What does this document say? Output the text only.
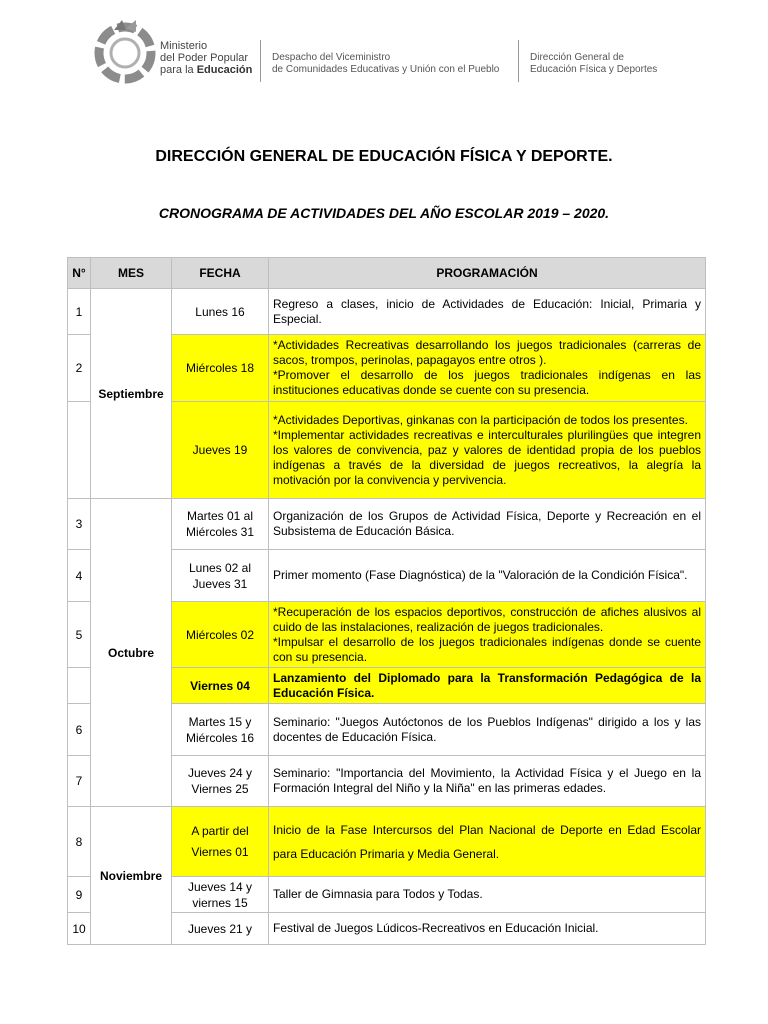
Ministerio
del Poder Popular
para la Educación
Despacho del Viceministro
de Comunidades Educativas y Unión con el Pueblo
Dirección General de
Educación Física y Deportes
DIRECCIÓN GENERAL DE EDUCACIÓN FÍSICA Y DEPORTE.
CRONOGRAMA DE ACTIVIDADES DEL AÑO ESCOLAR 2019 – 2020.
N°	MES	FECHA	PROGRAMACIÓN
1	Septiembre	Lunes 16	Regreso a clases, inicio de Actividades de Educación: Inicial, Primaria y Especial.
2		Miércoles 18	*Actividades Recreativas desarrollando los juegos tradicionales (carreras de sacos, trompos, perinolas, papagayos entre otros ).
*Promover el desarrollo de los juegos tradicionales indígenas en las instituciones educativas donde se cuente con su presencia.
		Jueves 19	*Actividades Deportivas, ginkanas con la participación de todos los presentes.
*Implementar actividades recreativas e interculturales plurilingües que integren los valores de convivencia, paz y valores de identidad propia de los pueblos indígenas a través de la diversidad de juegos recreativos, la alegría la motivación por la convivencia y pervivencia.
3	Octubre	Martes 01 al Miércoles 31	Organización de los Grupos de Actividad Física, Deporte y Recreación en el Subsistema de Educación Básica.
4		Lunes 02 al Jueves 31	Primer momento (Fase Diagnóstica) de la "Valoración de la Condición Física".
5		Miércoles 02	*Recuperación de los espacios deportivos, construcción de afiches alusivos al cuido de las instalaciones, realización de juegos tradicionales.
*Impulsar el desarrollo de los juegos tradicionales indígenas donde se cuente con su presencia.
		Viernes 04	Lanzamiento del Diplomado para la Transformación Pedagógica de la Educación Física.
6		Martes 15 y Miércoles 16	Seminario: "Juegos Autóctonos de los Pueblos Indígenas" dirigido a los y las docentes de Educación Física.
7		Jueves 24 y Viernes 25	Seminario: "Importancia del Movimiento, la Actividad Física y el Juego en la Formación Integral del Niño y la Niña" en las primeras edades.
8	Noviembre	A partir del Viernes 01	Inicio de la Fase Intercursos del Plan Nacional de Deporte en Edad Escolar para Educación Primaria y Media General.
9		Jueves 14 y viernes 15	Taller de Gimnasia para Todos y Todas.
10		Jueves 21 y	Festival de Juegos Lúdicos-Recreativos en Educación Inicial.
